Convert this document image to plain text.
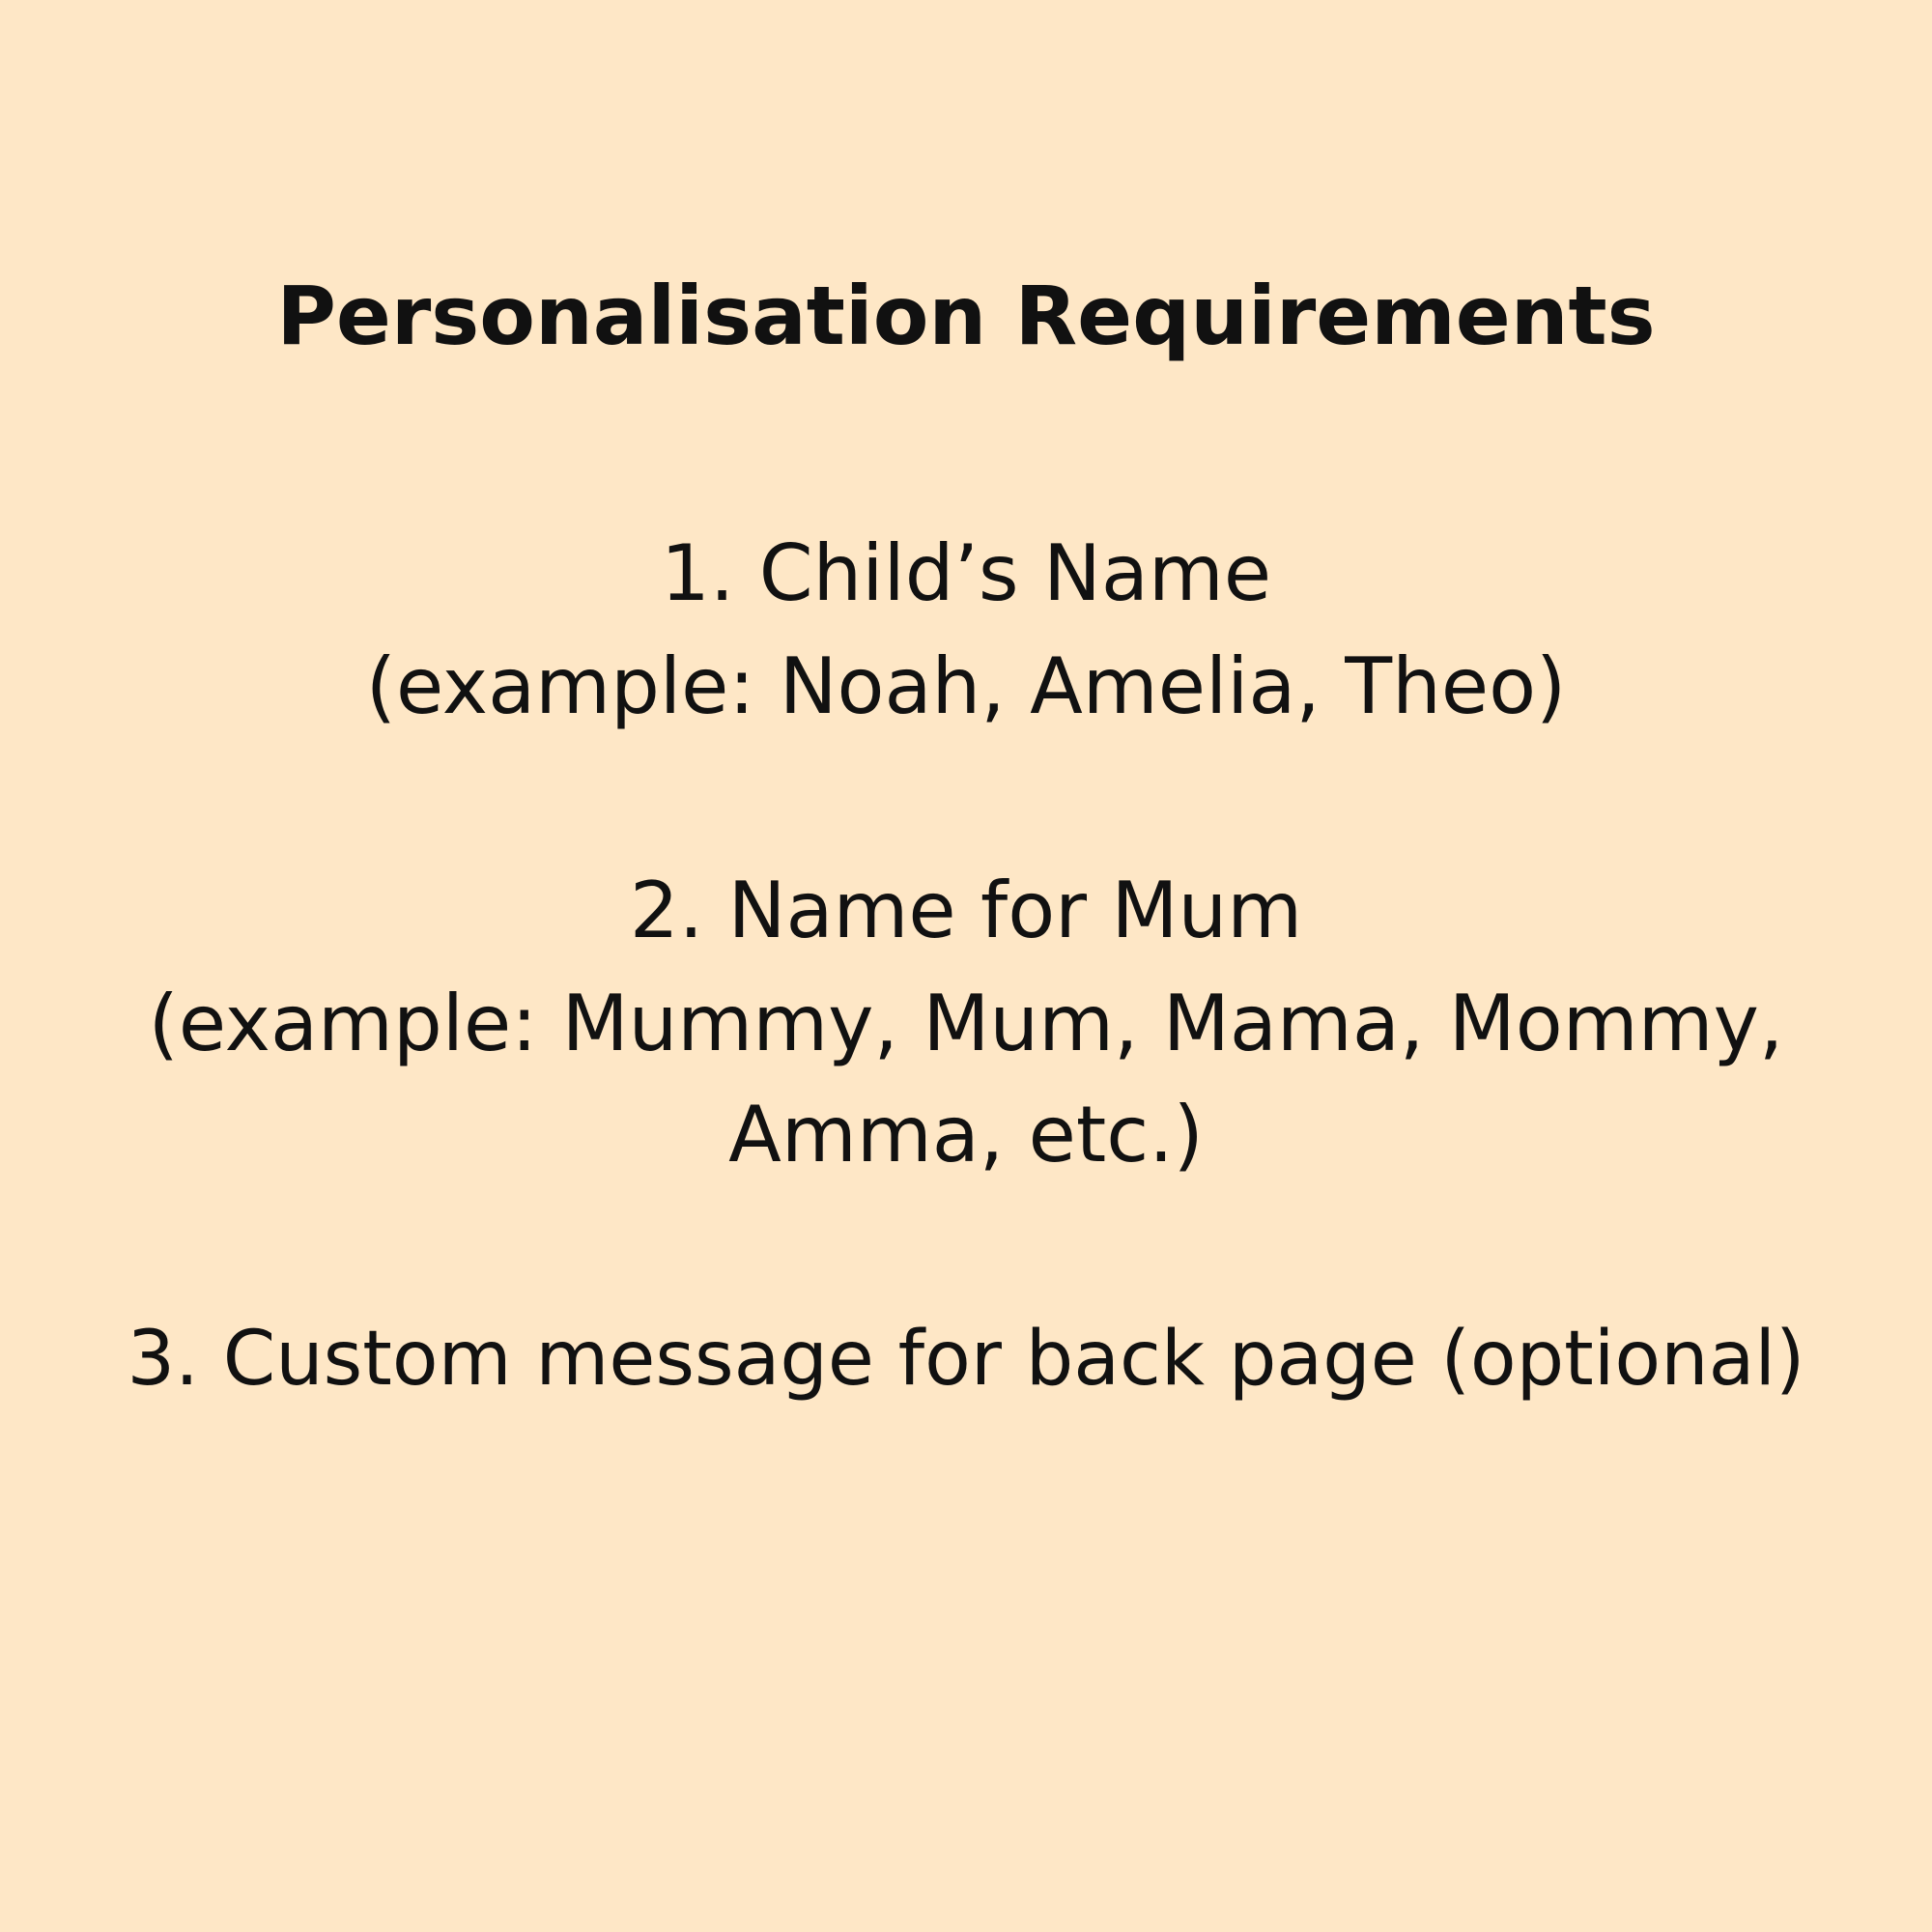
Personalisation Requirements
1. Child’s Name
(example: Noah, Amelia, Theo)
2. Name for Mum
(example: Mummy, Mum, Mama, Mommy,
Amma, etc.)
3. Custom message for back page (optional)
